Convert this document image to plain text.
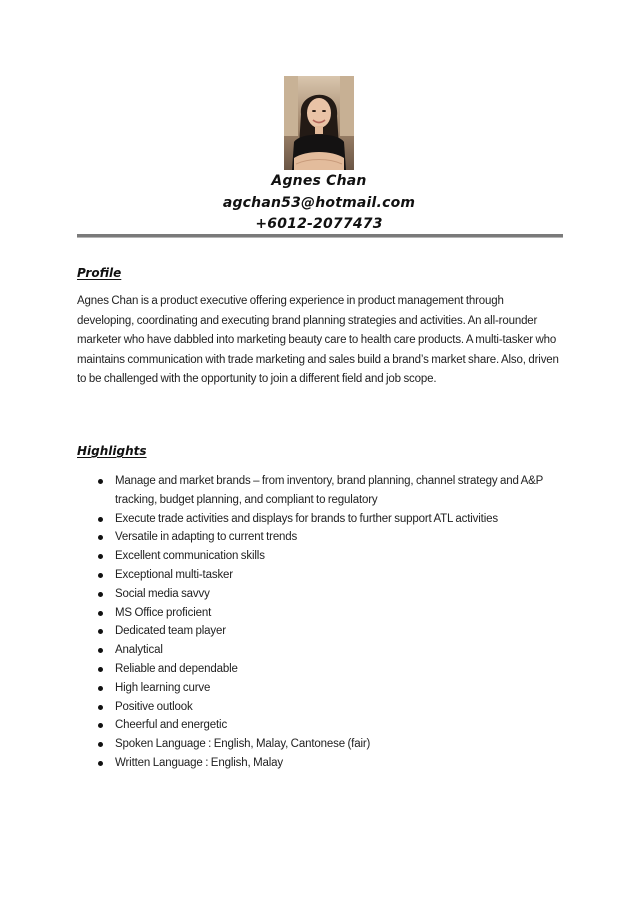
Agnes Chan
agchan53@hotmail.com
+6012-2077473
Profile
Agnes Chan is a product executive offering experience in product management through developing, coordinating and executing brand planning strategies and activities. An all-rounder marketer who have dabbled into marketing beauty care to health care products. A multi-tasker who maintains communication with trade marketing and sales build a brand’s market share. Also, driven to be challenged with the opportunity to join a different field and job scope.
Highlights
Manage and market brands – from inventory, brand planning, channel strategy and A&P tracking, budget planning, and compliant to regulatory
Execute trade activities and displays for brands to further support ATL activities
Versatile in adapting to current trends
Excellent communication skills
Exceptional multi-tasker
Social media savvy
MS Office proficient
Dedicated team player
Analytical
Reliable and dependable
High learning curve
Positive outlook
Cheerful and energetic
Spoken Language : English, Malay, Cantonese (fair)
Written Language : English, Malay
